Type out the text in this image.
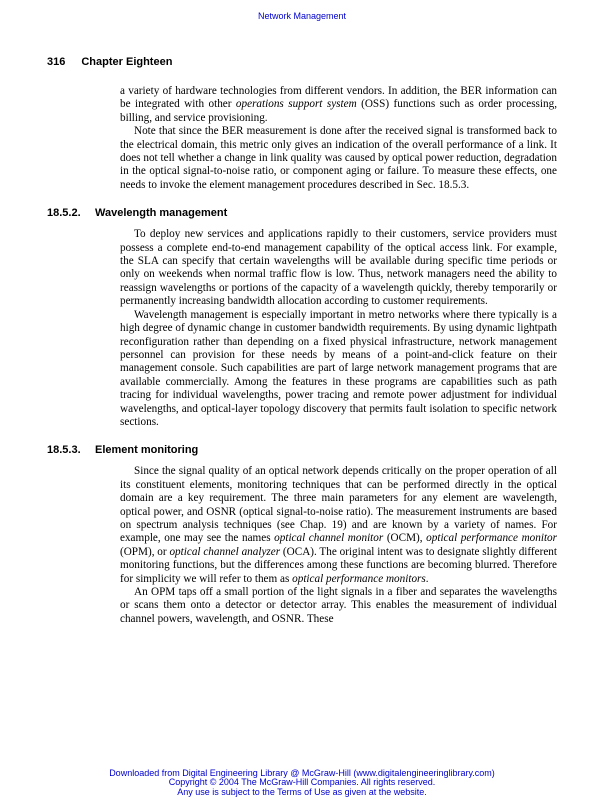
Network Management
316 Chapter Eighteen

a variety of hardware technologies from different vendors. In addition, the BER information can be integrated with other operations support system (OSS) functions such as order processing, billing, and service provisioning.

Note that since the BER measurement is done after the received signal is transformed back to the electrical domain, this metric only gives an indication of the overall performance of a link. It does not tell whether a change in link quality was caused by optical power reduction, degradation in the optical signal-to-noise ratio, or component aging or failure. To measure these effects, one needs to invoke the element management procedures described in Sec. 18.5.3.

18.5.2. Wavelength management

To deploy new services and applications rapidly to their customers, service providers must possess a complete end-to-end management capability of the optical access link. For example, the SLA can specify that certain wavelengths will be available during specific time periods or only on weekends when normal traffic flow is low. Thus, network managers need the ability to reassign wavelengths or portions of the capacity of a wavelength quickly, thereby temporarily or permanently increasing bandwidth allocation according to customer requirements.

Wavelength management is especially important in metro networks where there typically is a high degree of dynamic change in customer bandwidth requirements. By using dynamic lightpath reconfiguration rather than depending on a fixed physical infrastructure, network management personnel can provision for these needs by means of a point-and-click feature on their management console. Such capabilities are part of large network management programs that are available commercially. Among the features in these programs are capabilities such as path tracing for individual wavelengths, power tracing and remote power adjustment for individual wavelengths, and optical-layer topology discovery that permits fault isolation to specific network sections.

18.5.3. Element monitoring

Since the signal quality of an optical network depends critically on the proper operation of all its constituent elements, monitoring techniques that can be performed directly in the optical domain are a key requirement. The three main parameters for any element are wavelength, optical power, and OSNR (optical signal-to-noise ratio). The measurement instruments are based on spectrum analysis techniques (see Chap. 19) and are known by a variety of names. For example, one may see the names optical channel monitor (OCM), optical performance monitor (OPM), or optical channel analyzer (OCA). The original intent was to designate slightly different monitoring functions, but the differences among these functions are becoming blurred. Therefore for simplicity we will refer to them as optical performance monitors.

An OPM taps off a small portion of the light signals in a fiber and separates the wavelengths or scans them onto a detector or detector array. This enables the measurement of individual channel powers, wavelength, and OSNR. These

Downloaded from Digital Engineering Library @ McGraw-Hill (www.digitalengineeringlibrary.com)
Copyright © 2004 The McGraw-Hill Companies. All rights reserved.
Any use is subject to the Terms of Use as given at the website.
